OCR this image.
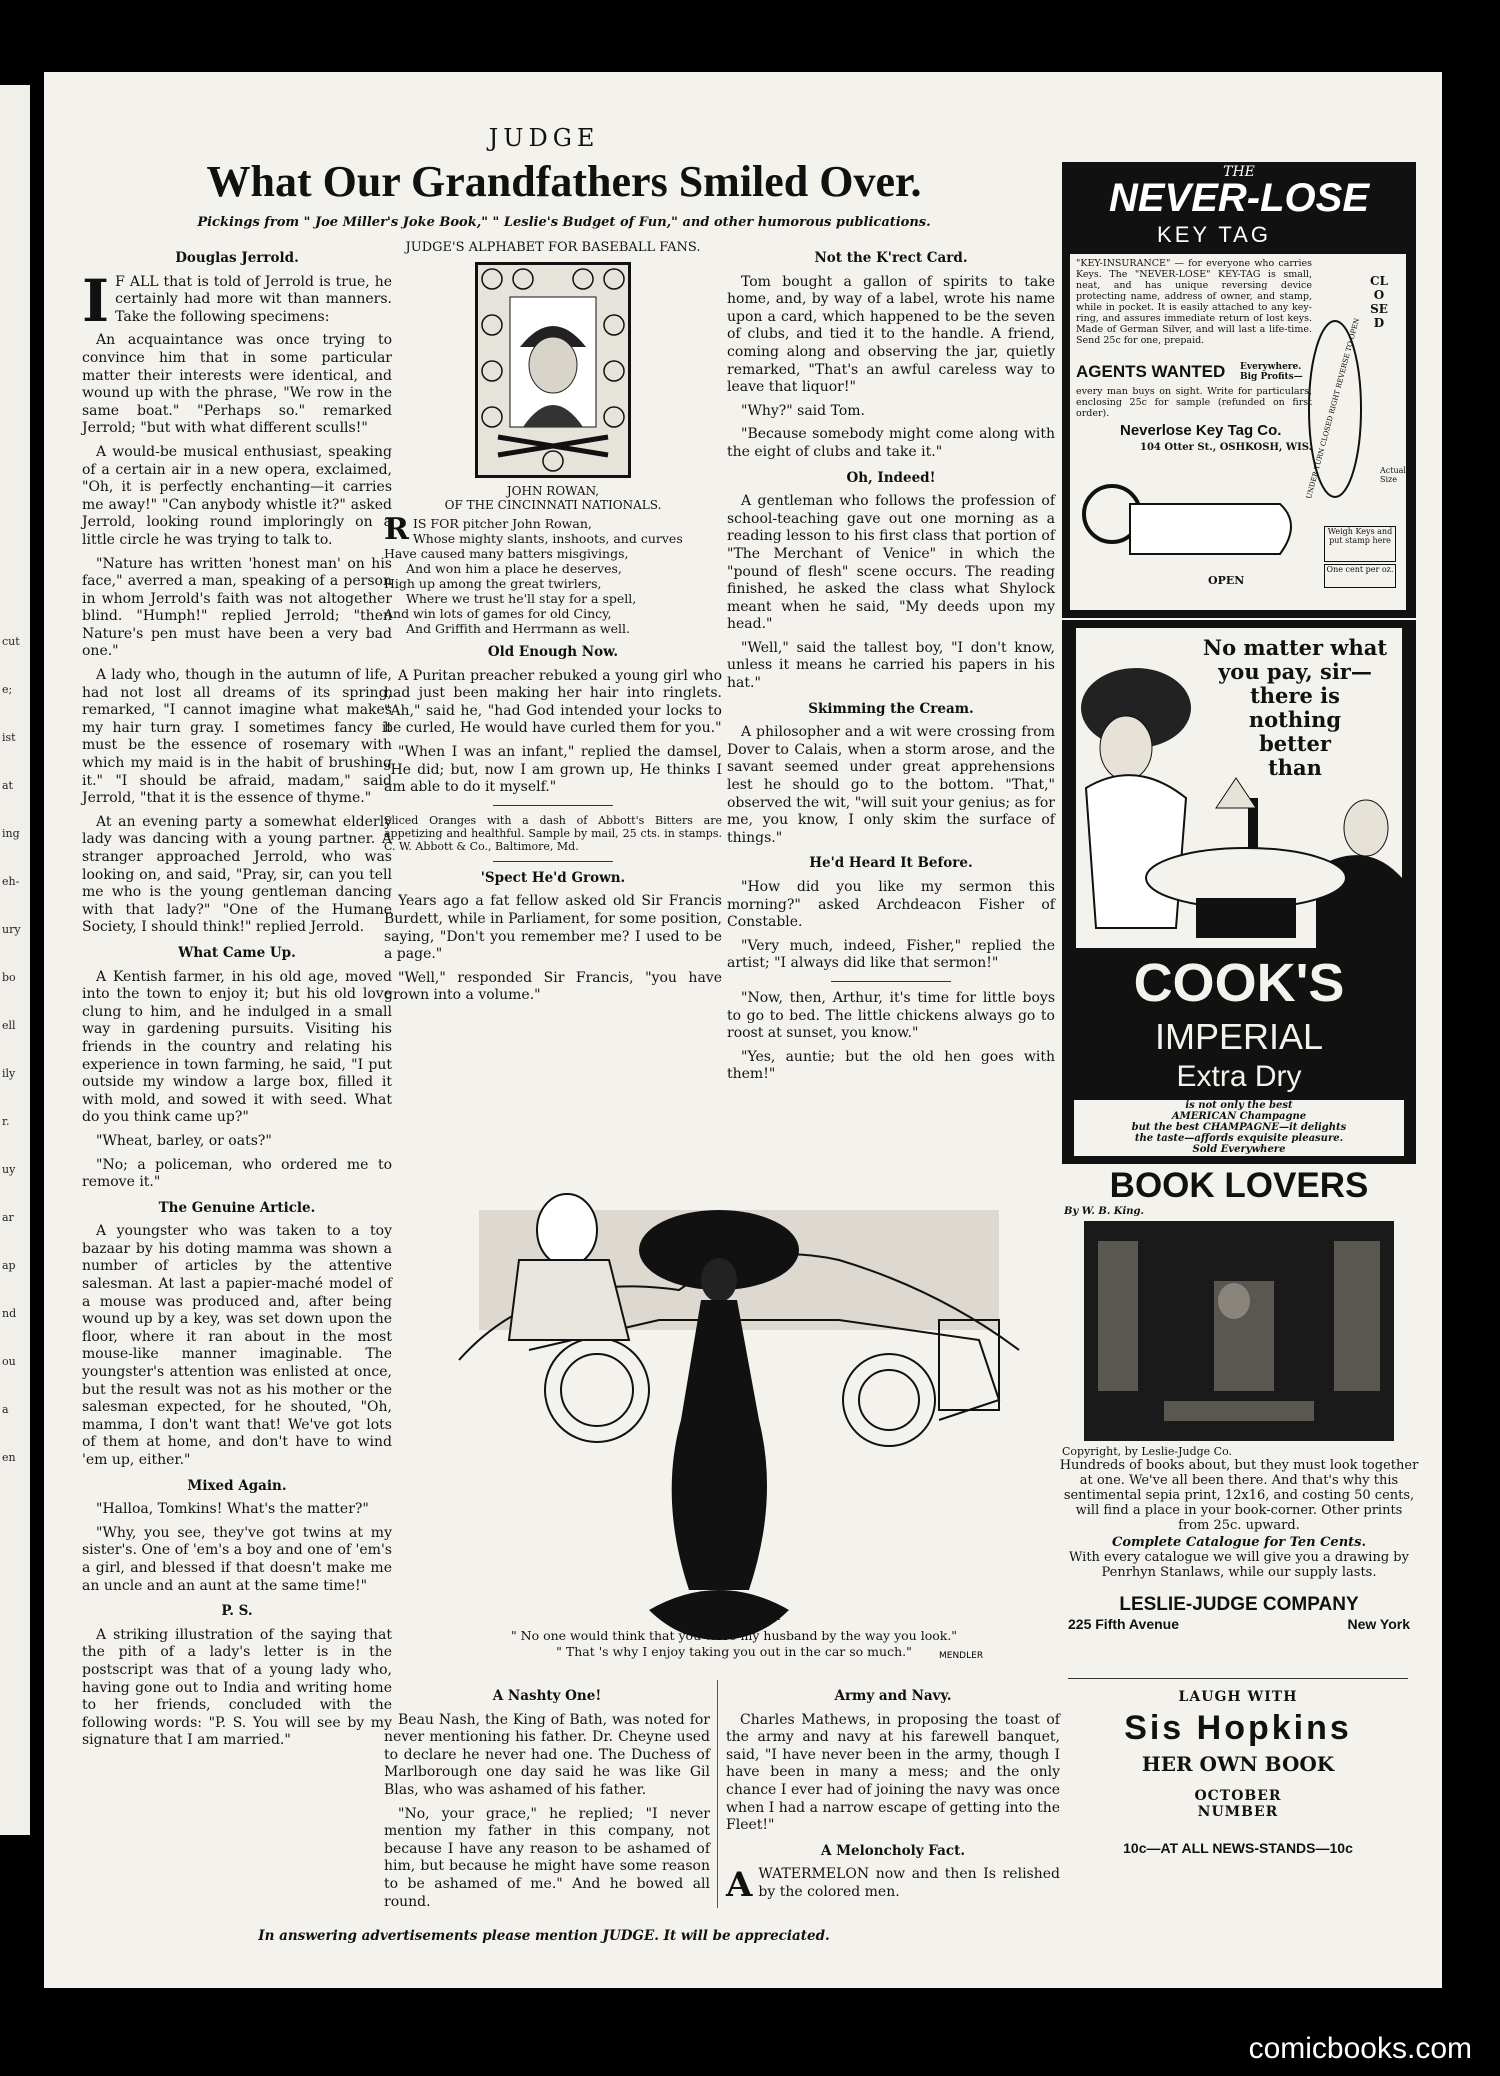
cut
e;
ist
at
ing
eh-
ury
bo
ell
ily
r.
uy
ar
ap
nd
ou
a
en
JUDGE
What Our Grandfathers Smiled Over.
Pickings from " Joe Miller's Joke Book," " Leslie's Budget of Fun," and other humorous publications.
Douglas Jerrold.

I F ALL that is told of Jerrold is true, he certainly had more wit than manners. Take the following specimens:

An acquaintance was once trying to convince him that in some particular matter their interests were identical, and wound up with the phrase, "We row in the same boat." "Perhaps so." remarked Jerrold; "but with what different sculls!"

A would-be musical enthusiast, speaking of a certain air in a new opera, exclaimed, "Oh, it is perfectly enchanting—it carries me away!" "Can anybody whistle it?" asked Jerrold, looking round imploringly on a little circle he was trying to talk to.

"Nature has written 'honest man' on his face," averred a man, speaking of a person in whom Jerrold's faith was not altogether blind. "Humph!" replied Jerrold; "then Nature's pen must have been a very bad one."

A lady who, though in the autumn of life, had not lost all dreams of its spring, remarked, "I cannot imagine what makes my hair turn gray. I sometimes fancy it must be the essence of rosemary with which my maid is in the habit of brushing it." "I should be afraid, madam," said Jerrold, "that it is the essence of thyme."

At an evening party a somewhat elderly lady was dancing with a young partner. A stranger approached Jerrold, who was looking on, and said, "Pray, sir, can you tell me who is the young gentleman dancing with that lady?" "One of the Humane Society, I should think!" replied Jerrold.

What Came Up.

A Kentish farmer, in his old age, moved into the town to enjoy it; but his old love clung to him, and he indulged in a small way in gardening pursuits. Visiting his friends in the country and relating his experience in town farming, he said, "I put outside my window a large box, filled it with mold, and sowed it with seed. What do you think came up?"

"Wheat, barley, or oats?"

"No; a policeman, who ordered me to remove it."

The Genuine Article.

A youngster who was taken to a toy bazaar by his doting mamma was shown a number of articles by the attentive salesman. At last a papier-maché model of a mouse was produced and, after being wound up by a key, was set down upon the floor, where it ran about in the most mouse-like manner imaginable. The youngster's attention was enlisted at once, but the result was not as his mother or the salesman expected, for he shouted, "Oh, mamma, I don't want that! We've got lots of them at home, and don't have to wind 'em up, either."

Mixed Again.

"Halloa, Tomkins! What's the matter?"

"Why, you see, they've got twins at my sister's. One of 'em's a boy and one of 'em's a girl, and blessed if that doesn't make me an uncle and an aunt at the same time!"

P. S.

A striking illustration of the saying that the pith of a lady's letter is in the postscript was that of a young lady who, having gone out to India and writing home to her friends, concluded with the following words: "P. S. You will see by my signature that I am married."

JUDGE'S ALPHABET FOR BASEBALL FANS.
JOHN ROWAN,
OF THE CINCINNATI NATIONALS.
RIS FOR pitcher John Rowan,
Whose mighty slants, inshoots, and curves
Have caused many batters misgivings,
And won him a place he deserves,
High up among the great twirlers,
Where we trust he'll stay for a spell,
And win lots of games for old Cincy,
And Griffith and Herrmann as well.
Old Enough Now.

A Puritan preacher rebuked a young girl who had just been making her hair into ringlets. "Ah," said he, "had God intended your locks to be curled, He would have curled them for you."

"When I was an infant," replied the damsel, "He did; but, now I am grown up, He thinks I am able to do it myself."

Sliced Oranges with a dash of Abbott's Bitters are appetizing and healthful. Sample by mail, 25 cts. in stamps. C. W. Abbott & Co., Baltimore, Md.
'Spect He'd Grown.

Years ago a fat fellow asked old Sir Francis Burdett, while in Parliament, for some position, saying, "Don't you remember me? I used to be a page."

"Well," responded Sir Francis, "you have grown into a volume."

Not the K'rect Card.

Tom bought a gallon of spirits to take home, and, by way of a label, wrote his name upon a card, which happened to be the seven of clubs, and tied it to the handle. A friend, coming along and observing the jar, quietly remarked, "That's an awful careless way to leave that liquor!"

"Why?" said Tom.

"Because somebody might come along with the eight of clubs and take it."

Oh, Indeed!

A gentleman who follows the profession of school-teaching gave out one morning as a reading lesson to his first class that portion of "The Merchant of Venice" in which the "pound of flesh" scene occurs. The reading finished, he asked the class what Shylock meant when he said, "My deeds upon my head."

"Well," said the tallest boy, "I don't know, unless it means he carried his papers in his hat."

Skimming the Cream.

A philosopher and a wit were crossing from Dover to Calais, when a storm arose, and the savant seemed under great apprehensions lest he should go to the bottom. "That," observed the wit, "will suit your genius; as for me, you know, I only skim the surface of things."

He'd Heard It Before.

"How did you like my sermon this morning?" asked Archdeacon Fisher of Constable.

"Very much, indeed, Fisher," replied the artist; "I always did like that sermon!"

"Now, then, Arthur, it's time for little boys to go to bed. The little chickens always go to roost at sunset, you know."

"Yes, auntie; but the old hen goes with them!"

MENDLER
TIT FOR TAT.
" No one would think that you were my husband by the way you look."
" That 's why I enjoy taking you out in the car so much."
A Nashty One!

Beau Nash, the King of Bath, was noted for never mentioning his father. Dr. Cheyne used to declare he never had one. The Duchess of Marlborough one day said he was like Gil Blas, who was ashamed of his father.

"No, your grace," he replied; "I never mention my father in this company, not because I have any reason to be ashamed of him, but because he might have some reason to be ashamed of me." And he bowed all round.

Army and Navy.

Charles Mathews, in proposing the toast of the army and navy at his farewell banquet, said, "I have never been in the army, though I have been in many a mess; and the only chance I ever had of joining the navy was once when I had a narrow escape of getting into the Fleet!"

A Meloncholy Fact.

AWATERMELON now and then Is relished by the colored men.

In answering advertisements please mention JUDGE. It will be appreciated.
THE
NEVER-LOSE
KEY TAG
"KEY-INSURANCE" — for everyone who carries Keys. The "NEVER-LOSE" KEY-TAG is small, neat, and has unique reversing device protecting name, address of owner, and stamp, while in pocket. It is easily attached to any key-ring, and assures immediate return of lost keys. Made of German Silver, and will last a life-time. Send 25c for one, prepaid.
AGENTS WANTED Everywhere. Big Profits—
every man buys on sight. Write for particulars, enclosing 25c for sample (refunded on first order).
Neverlose Key Tag Co.
104 Otter St., OSHKOSH, WIS.
CLOSED
UNDER TURN CLOSED RIGHT REVERSE TO OPEN Actual Size
OPEN
Weigh Keys and put stamp here
One cent per oz.
No matter what
you pay, sir—
there is
nothing
better
than
COOK'S
IMPERIAL
Extra Dry
is not only the best
AMERICAN Champagne
but the best CHAMPAGNE—it delights
the taste—affords exquisite pleasure.
Sold Everywhere
BOOK LOVERS
By W. B. King.
Copyright, by Leslie-Judge Co.
Hundreds of books about, but they must look together at one. We've all been there. And that's why this sentimental sepia print, 12x16, and costing 50 cents, will find a place in your book-corner. Other prints from 25c. upward.
Complete Catalogue for Ten Cents.
With every catalogue we will give you a drawing by Penrhyn Stanlaws, while our supply lasts.
LESLIE-JUDGE COMPANY
225 Fifth Avenue	New York
LAUGH WITH
Sis Hopkins
HER OWN BOOK
OCTOBER
NUMBER
10c—AT ALL NEWS-STANDS—10c
comicbooks.com
